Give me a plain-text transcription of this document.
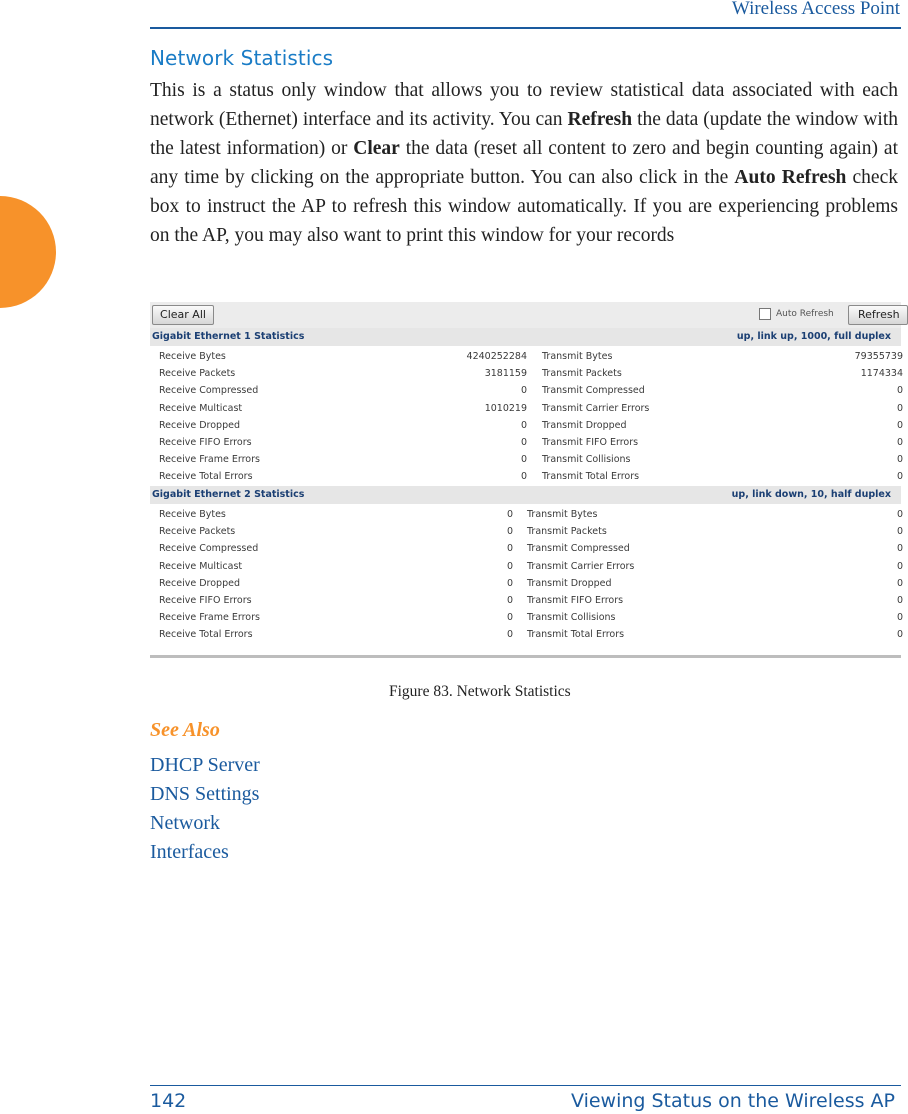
Wireless Access Point
Network Statistics
This is a status only window that allows you to review statistical data associated with each network (Ethernet) interface and its activity. You can Refresh the data (update the window with the latest information) or Clear the data (reset all content to zero and begin counting again) at any time by clicking on the appropriate button. You can also click in the Auto Refresh check box to instruct the AP to refresh this window automatically. If you are experiencing problems on the AP, you may also want to print this window for your records
Clear All	Auto Refresh	Refresh
Gigabit Ethernet 1 Statistics	up, link up, 1000, full duplex
Receive Bytes	4240252284 Transmit Bytes	79355739
Receive Packets	3181159 Transmit Packets	1174334
Receive Compressed	0 Transmit Compressed	0
Receive Multicast	1010219 Transmit Carrier Errors	0
Receive Dropped	0 Transmit Dropped	0
Receive FIFO Errors	0 Transmit FIFO Errors	0
Receive Frame Errors	0 Transmit Collisions	0
Receive Total Errors	0 Transmit Total Errors	0
Gigabit Ethernet 2 Statistics	up, link down, 10, half duplex
Receive Bytes	0 Transmit Bytes	0
Receive Packets	0 Transmit Packets	0
Receive Compressed	0 Transmit Compressed	0
Receive Multicast	0 Transmit Carrier Errors	0
Receive Dropped	0 Transmit Dropped	0
Receive FIFO Errors	0 Transmit FIFO Errors	0
Receive Frame Errors	0 Transmit Collisions	0
Receive Total Errors	0 Transmit Total Errors	0
Figure 83. Network Statistics
See Also
DHCP Server
DNS Settings
Network
Interfaces
142	Viewing Status on the Wireless AP
